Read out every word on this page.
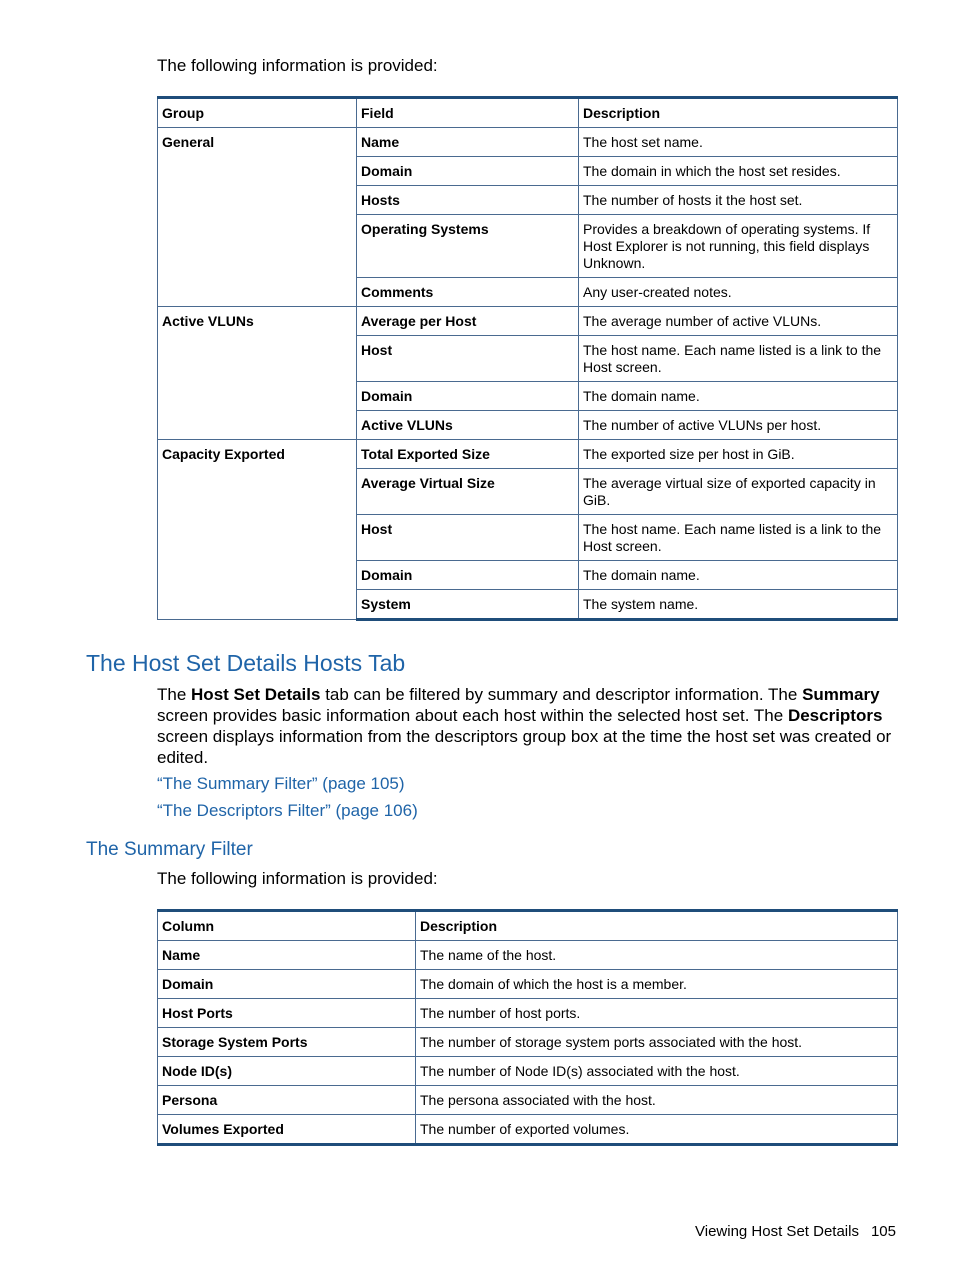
The following information is provided:
Group	Field	Description
General	Name	The host set name.
	Domain	The domain in which the host set resides.
	Hosts	The number of hosts it the host set.
	Operating Systems	Provides a breakdown of operating systems. If Host Explorer is not running, this field displays Unknown.
	Comments	Any user-created notes.
Active VLUNs	Average per Host	The average number of active VLUNs.
	Host	The host name. Each name listed is a link to the Host screen.
	Domain	The domain name.
	Active VLUNs	The number of active VLUNs per host.
Capacity Exported	Total Exported Size	The exported size per host in GiB.
	Average Virtual Size	The average virtual size of exported capacity in GiB.
	Host	The host name. Each name listed is a link to the Host screen.
	Domain	The domain name.
	System	The system name.
The Host Set Details Hosts Tab
The Host Set Details tab can be filtered by summary and descriptor information. The Summary screen provides basic information about each host within the selected host set. The Descriptors screen displays information from the descriptors group box at the time the host set was created or edited.
“The Summary Filter” (page 105)
“The Descriptors Filter” (page 106)
The Summary Filter
The following information is provided:
Column	Description
Name	The name of the host.
Domain	The domain of which the host is a member.
Host Ports	The number of host ports.
Storage System Ports	The number of storage system ports associated with the host.
Node ID(s)	The number of Node ID(s) associated with the host.
Persona	The persona associated with the host.
Volumes Exported	The number of exported volumes.
Viewing Host Set Details 105
